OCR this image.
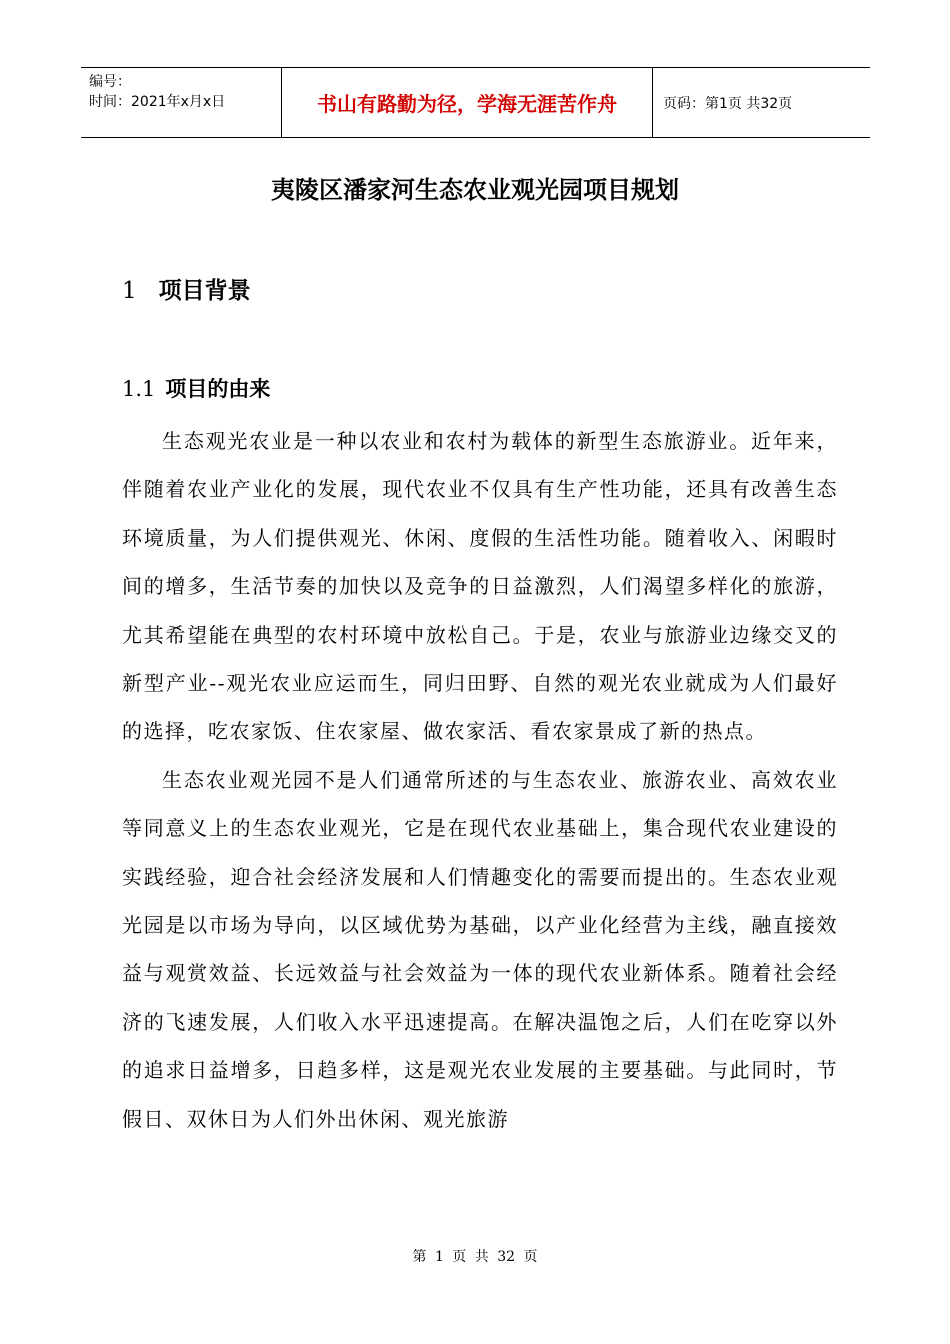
编号：
时间：2021年x月x日	书山有路勤为径，学海无涯苦作舟	页码：第1页 共32页
夷陵区潘家河生态农业观光园项目规划
1 项目背景
1.1 项目的由来

生态观光农业是一种以农业和农村为载体的新型生态旅游业。近年来，伴随着农业产业化的发展，现代农业不仅具有生产性功能，还具有改善生态环境质量，为人们提供观光、休闲、度假的生活性功能。随着收入、闲暇时间的增多，生活节奏的加快以及竞争的日益激烈，人们渴望多样化的旅游，尤其希望能在典型的农村环境中放松自己。于是，农业与旅游业边缘交叉的新型产业--观光农业应运而生，同归田野、自然的观光农业就成为人们最好的选择，吃农家饭、住农家屋、做农家活、看农家景成了新的热点。

生态农业观光园不是人们通常所述的与生态农业、旅游农业、高效农业等同意义上的生态农业观光，它是在现代农业基础上，集合现代农业建设的实践经验，迎合社会经济发展和人们情趣变化的需要而提出的。生态农业观光园是以市场为导向，以区域优势为基础，以产业化经营为主线，融直接效益与观赏效益、长远效益与社会效益为一体的现代农业新体系。随着社会经济的飞速发展，人们收入水平迅速提高。在解决温饱之后，人们在吃穿以外的追求日益增多，日趋多样，这是观光农业发展的主要基础。与此同时，节假日、双休日为人们外出休闲、观光旅游

第 1 页 共 32 页
